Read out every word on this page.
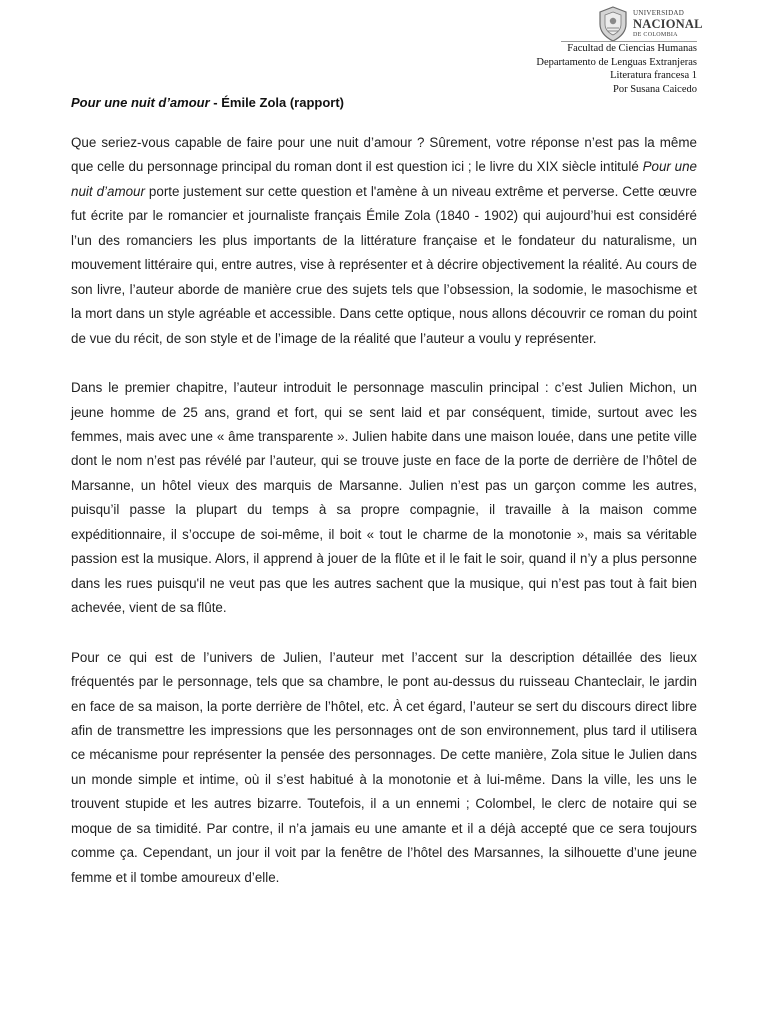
UNIVERSIDAD
NACIONAL
DE COLOMBIA
Facultad de Ciencias Humanas
Departamento de Lenguas Extranjeras
Literatura francesa 1
Por Susana Caicedo
Pour une nuit d’amour - Émile Zola (rapport)

Que seriez-vous capable de faire pour une nuit d’amour ? Sûrement, votre réponse n’est pas la même que celle du personnage principal du roman dont il est question ici ; le livre du XIX siècle intitulé Pour une nuit d’amour porte justement sur cette question et l'amène à un niveau extrême et perverse. Cette œuvre fut écrite par le romancier et journaliste français Émile Zola (1840 - 1902) qui aujourd’hui est considéré l’un des romanciers les plus importants de la littérature française et le fondateur du naturalisme, un mouvement littéraire qui, entre autres, vise à représenter et à décrire objectivement la réalité. Au cours de son livre, l’auteur aborde de manière crue des sujets tels que l’obsession, la sodomie, le masochisme et la mort dans un style agréable et accessible. Dans cette optique, nous allons découvrir ce roman du point de vue du récit, de son style et de l’image de la réalité que l’auteur a voulu y représenter.

Dans le premier chapitre, l’auteur introduit le personnage masculin principal : c’est Julien Michon, un jeune homme de 25 ans, grand et fort, qui se sent laid et par conséquent, timide, surtout avec les femmes, mais avec une « âme transparente ». Julien habite dans une maison louée, dans une petite ville dont le nom n’est pas révélé par l’auteur, qui se trouve juste en face de la porte de derrière de l’hôtel de Marsanne, un hôtel vieux des marquis de Marsanne. Julien n’est pas un garçon comme les autres, puisqu’il passe la plupart du temps à sa propre compagnie, il travaille à la maison comme expéditionnaire, il s’occupe de soi-même, il boit « tout le charme de la monotonie », mais sa véritable passion est la musique. Alors, il apprend à jouer de la flûte et il le fait le soir, quand il n’y a plus personne dans les rues puisqu'il ne veut pas que les autres sachent que la musique, qui n’est pas tout à fait bien achevée, vient de sa flûte.

Pour ce qui est de l’univers de Julien, l’auteur met l’accent sur la description détaillée des lieux fréquentés par le personnage, tels que sa chambre, le pont au-dessus du ruisseau Chanteclair, le jardin en face de sa maison, la porte derrière de l’hôtel, etc. À cet égard, l’auteur se sert du discours direct libre afin de transmettre les impressions que les personnages ont de son environnement, plus tard il utilisera ce mécanisme pour représenter la pensée des personnages. De cette manière, Zola situe le Julien dans un monde simple et intime, où il s’est habitué à la monotonie et à lui-même. Dans la ville, les uns le trouvent stupide et les autres bizarre. Toutefois, il a un ennemi ; Colombel, le clerc de notaire qui se moque de sa timidité. Par contre, il n’a jamais eu une amante et il a déjà accepté que ce sera toujours comme ça. Cependant, un jour il voit par la fenêtre de l’hôtel des Marsannes, la silhouette d’une jeune femme et il tombe amoureux d’elle.
